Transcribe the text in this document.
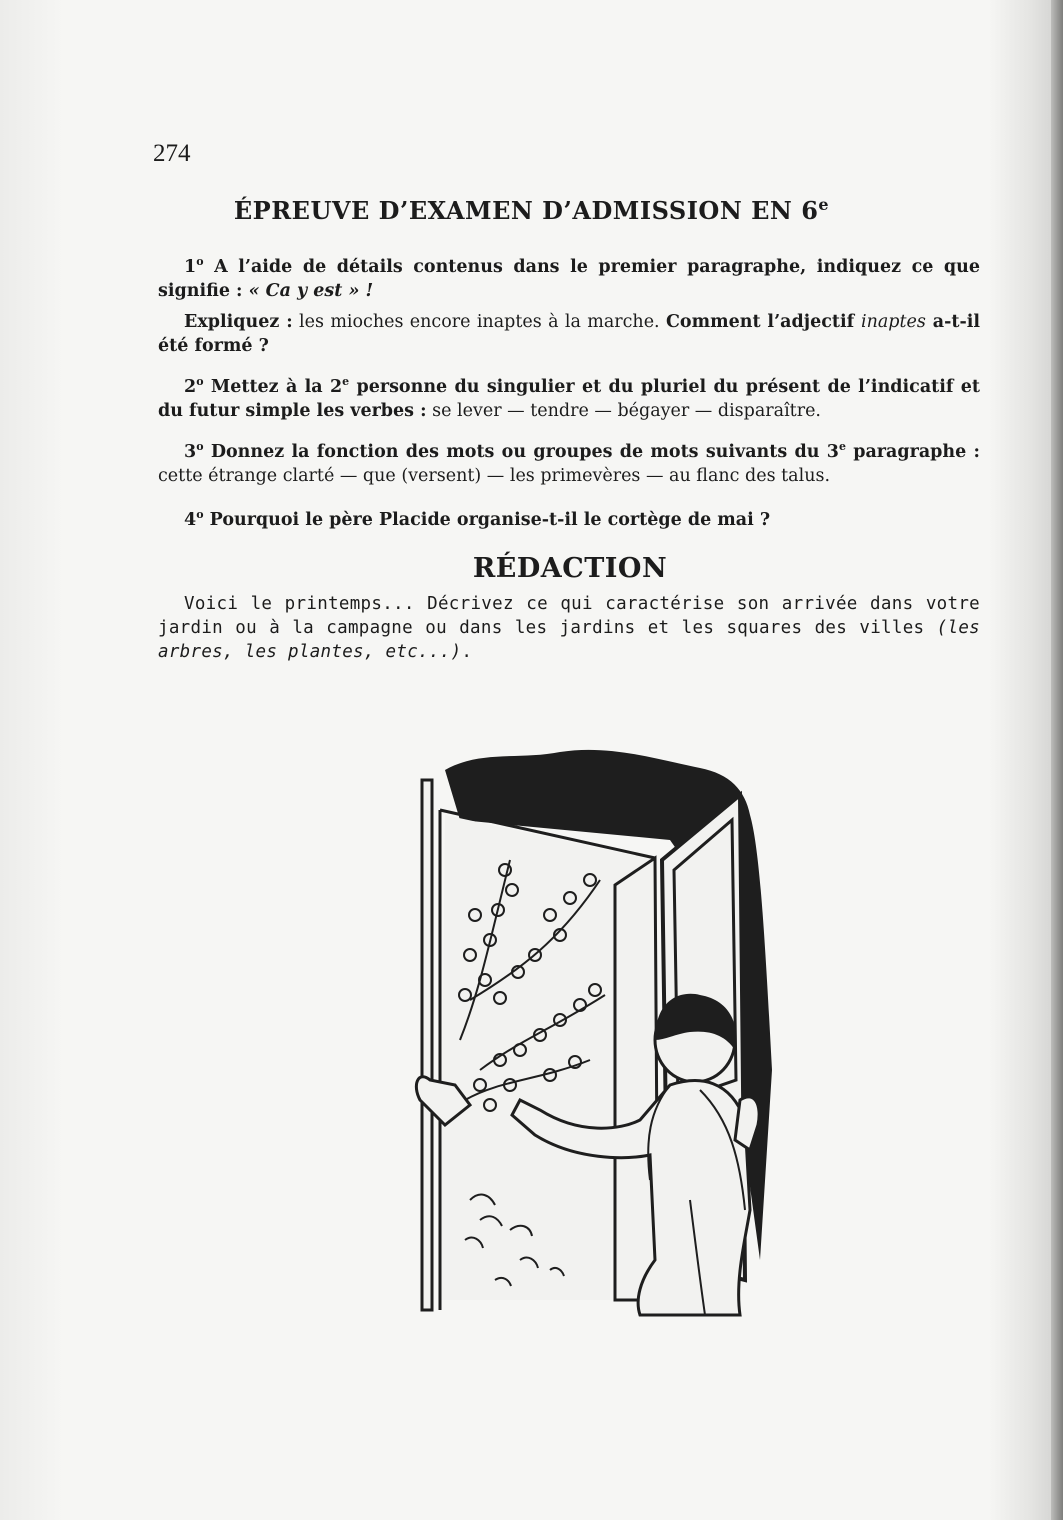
274
ÉPREUVE D’EXAMEN D’ADMISSION EN 6e

1$^o$ A l’aide de détails contenus dans le premier paragraphe, indiquez ce que signifie : « Ca y est » !

Expliquez : les mioches encore inaptes à la marche. Comment l’adjectif inaptes a-t-il été formé ?

2$^o$ Mettez à la 2e personne du singulier et du pluriel du présent de l’indicatif et du futur simple les verbes : se lever — tendre — bégayer — disparaître.

3$^o$ Donnez la fonction des mots ou groupes de mots suivants du 3e paragraphe : cette étrange clarté — que (versent) — les primevères — au flanc des talus.

4$^o$ Pourquoi le père Placide organise-t-il le cortège de mai ?

RÉDACTION

Voici le printemps... Décrivez ce qui caractérise son arrivée dans votre jardin ou à la campagne ou dans les jardins et les squares des villes (les arbres, les plantes, etc...).
